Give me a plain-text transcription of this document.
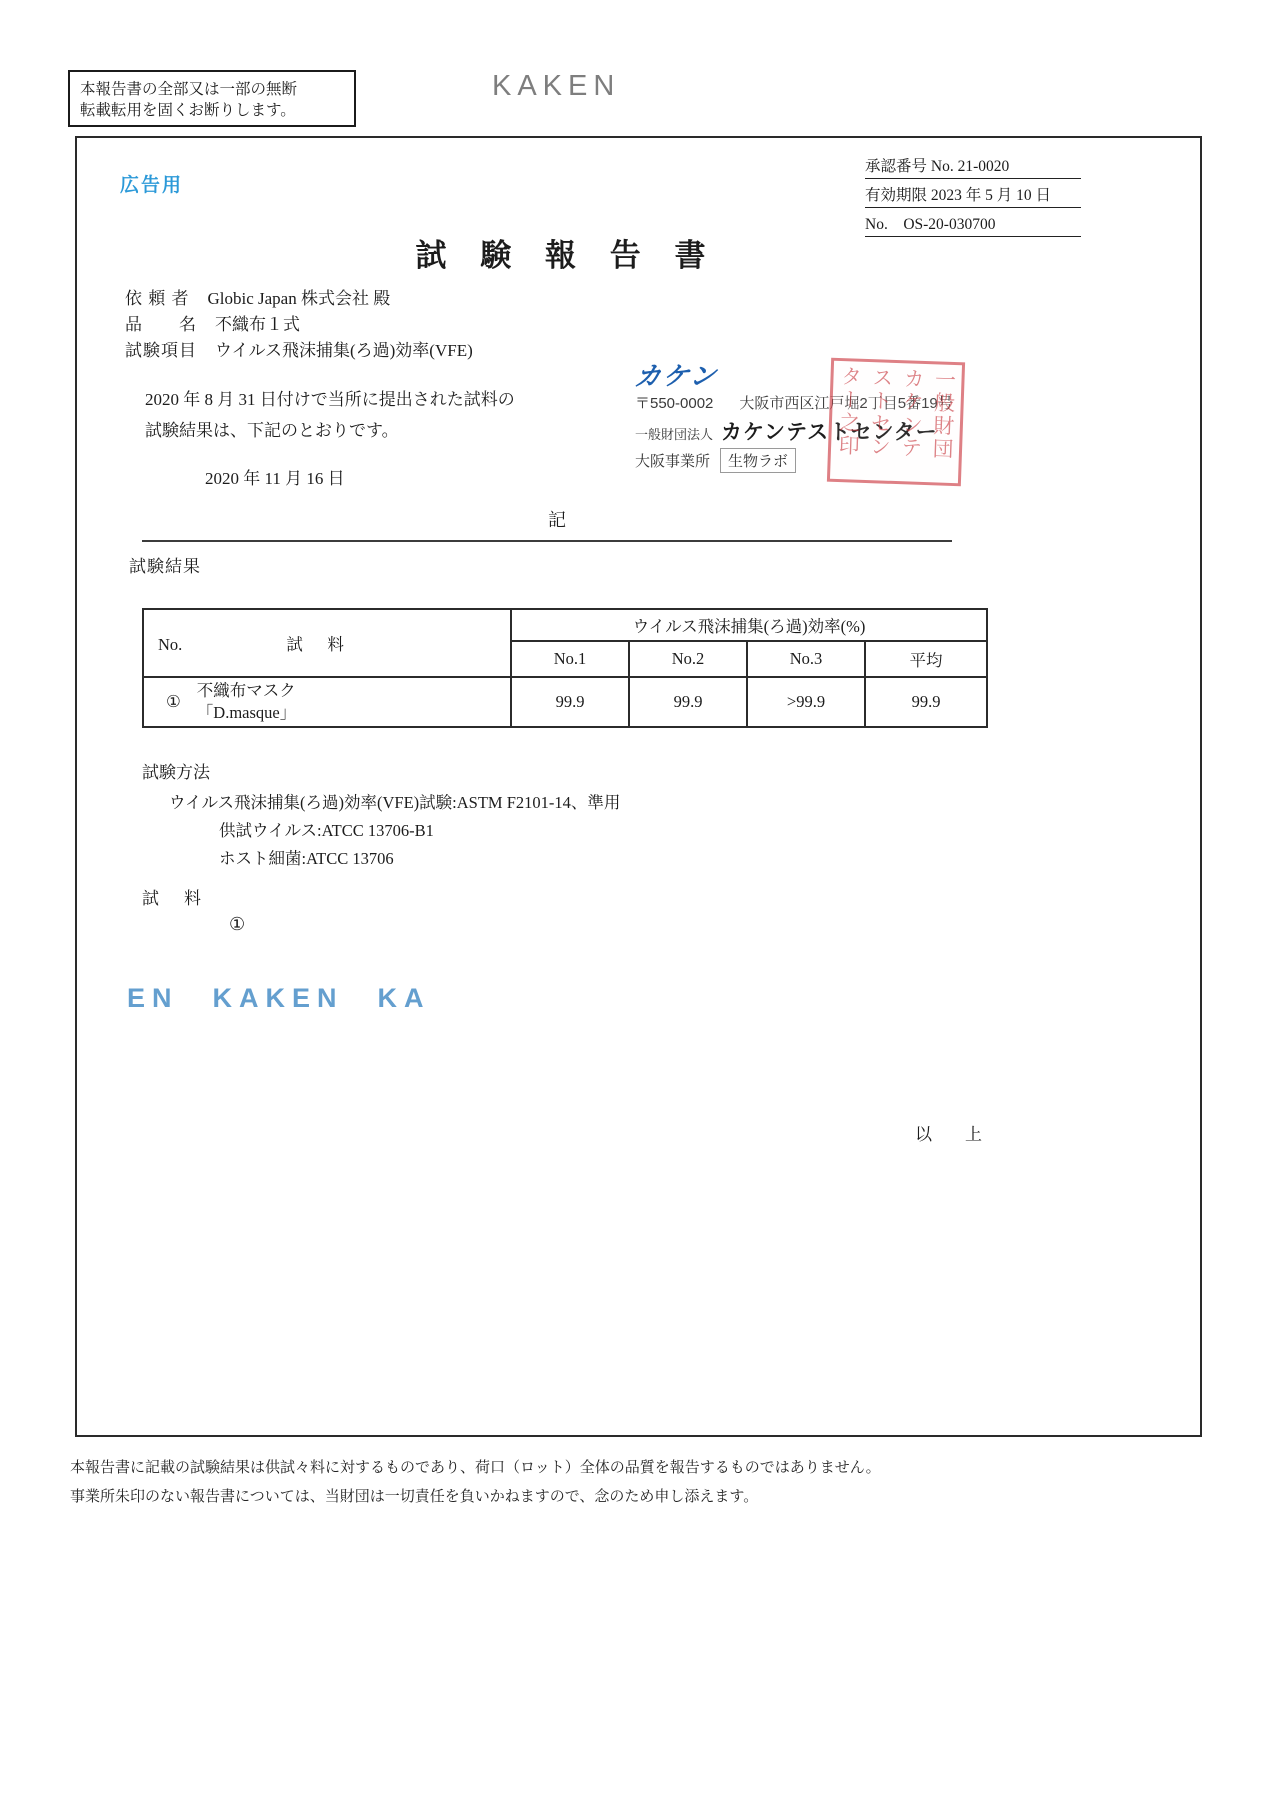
本報告書の全部又は一部の無断
転載転用を固くお断りします。
KAKEN
広告用
承認番号 No. 21-0020
有効期限 2023 年 5 月 10 日
No.　OS-20-030700
試 験 報 告 書
依 頼 者 Globic Japan 株式会社 殿
品　　名 不織布１式
試験項目 ウイルス飛沫捕集(ろ過)効率(VFE)
2020 年 8 月 31 日付けで当所に提出された試料の
試験結果は、下記のとおりです。
2020 年 11 月 16 日
カケン
〒550-0002 大阪市西区江戸堀2丁目5番19号
一般財団法人 カケンテストセンター
大阪事業所	生物ラボ
ター之印 ストセン カケンテ 一般財団
記
試験結果
No. 試　料	ウイルス飛沫捕集(ろ過)効率(%)			
	No.1	No.2	No.3	平均

①
不織布マスク
「D.masque」	99.9	99.9	>99.9	99.9
試験方法
ウイルス飛沫捕集(ろ過)効率(VFE)試験:ASTM F2101-14、準用
供試ウイルス:ATCC 13706-B1
ホスト細菌:ATCC 13706
試　料
①
EN　KAKEN　KA
以　上
本報告書に記載の試験結果は供試々料に対するものであり、荷口（ロット）全体の品質を報告するものではありません。
事業所朱印のない報告書については、当財団は一切責任を負いかねますので、念のため申し添えます。
